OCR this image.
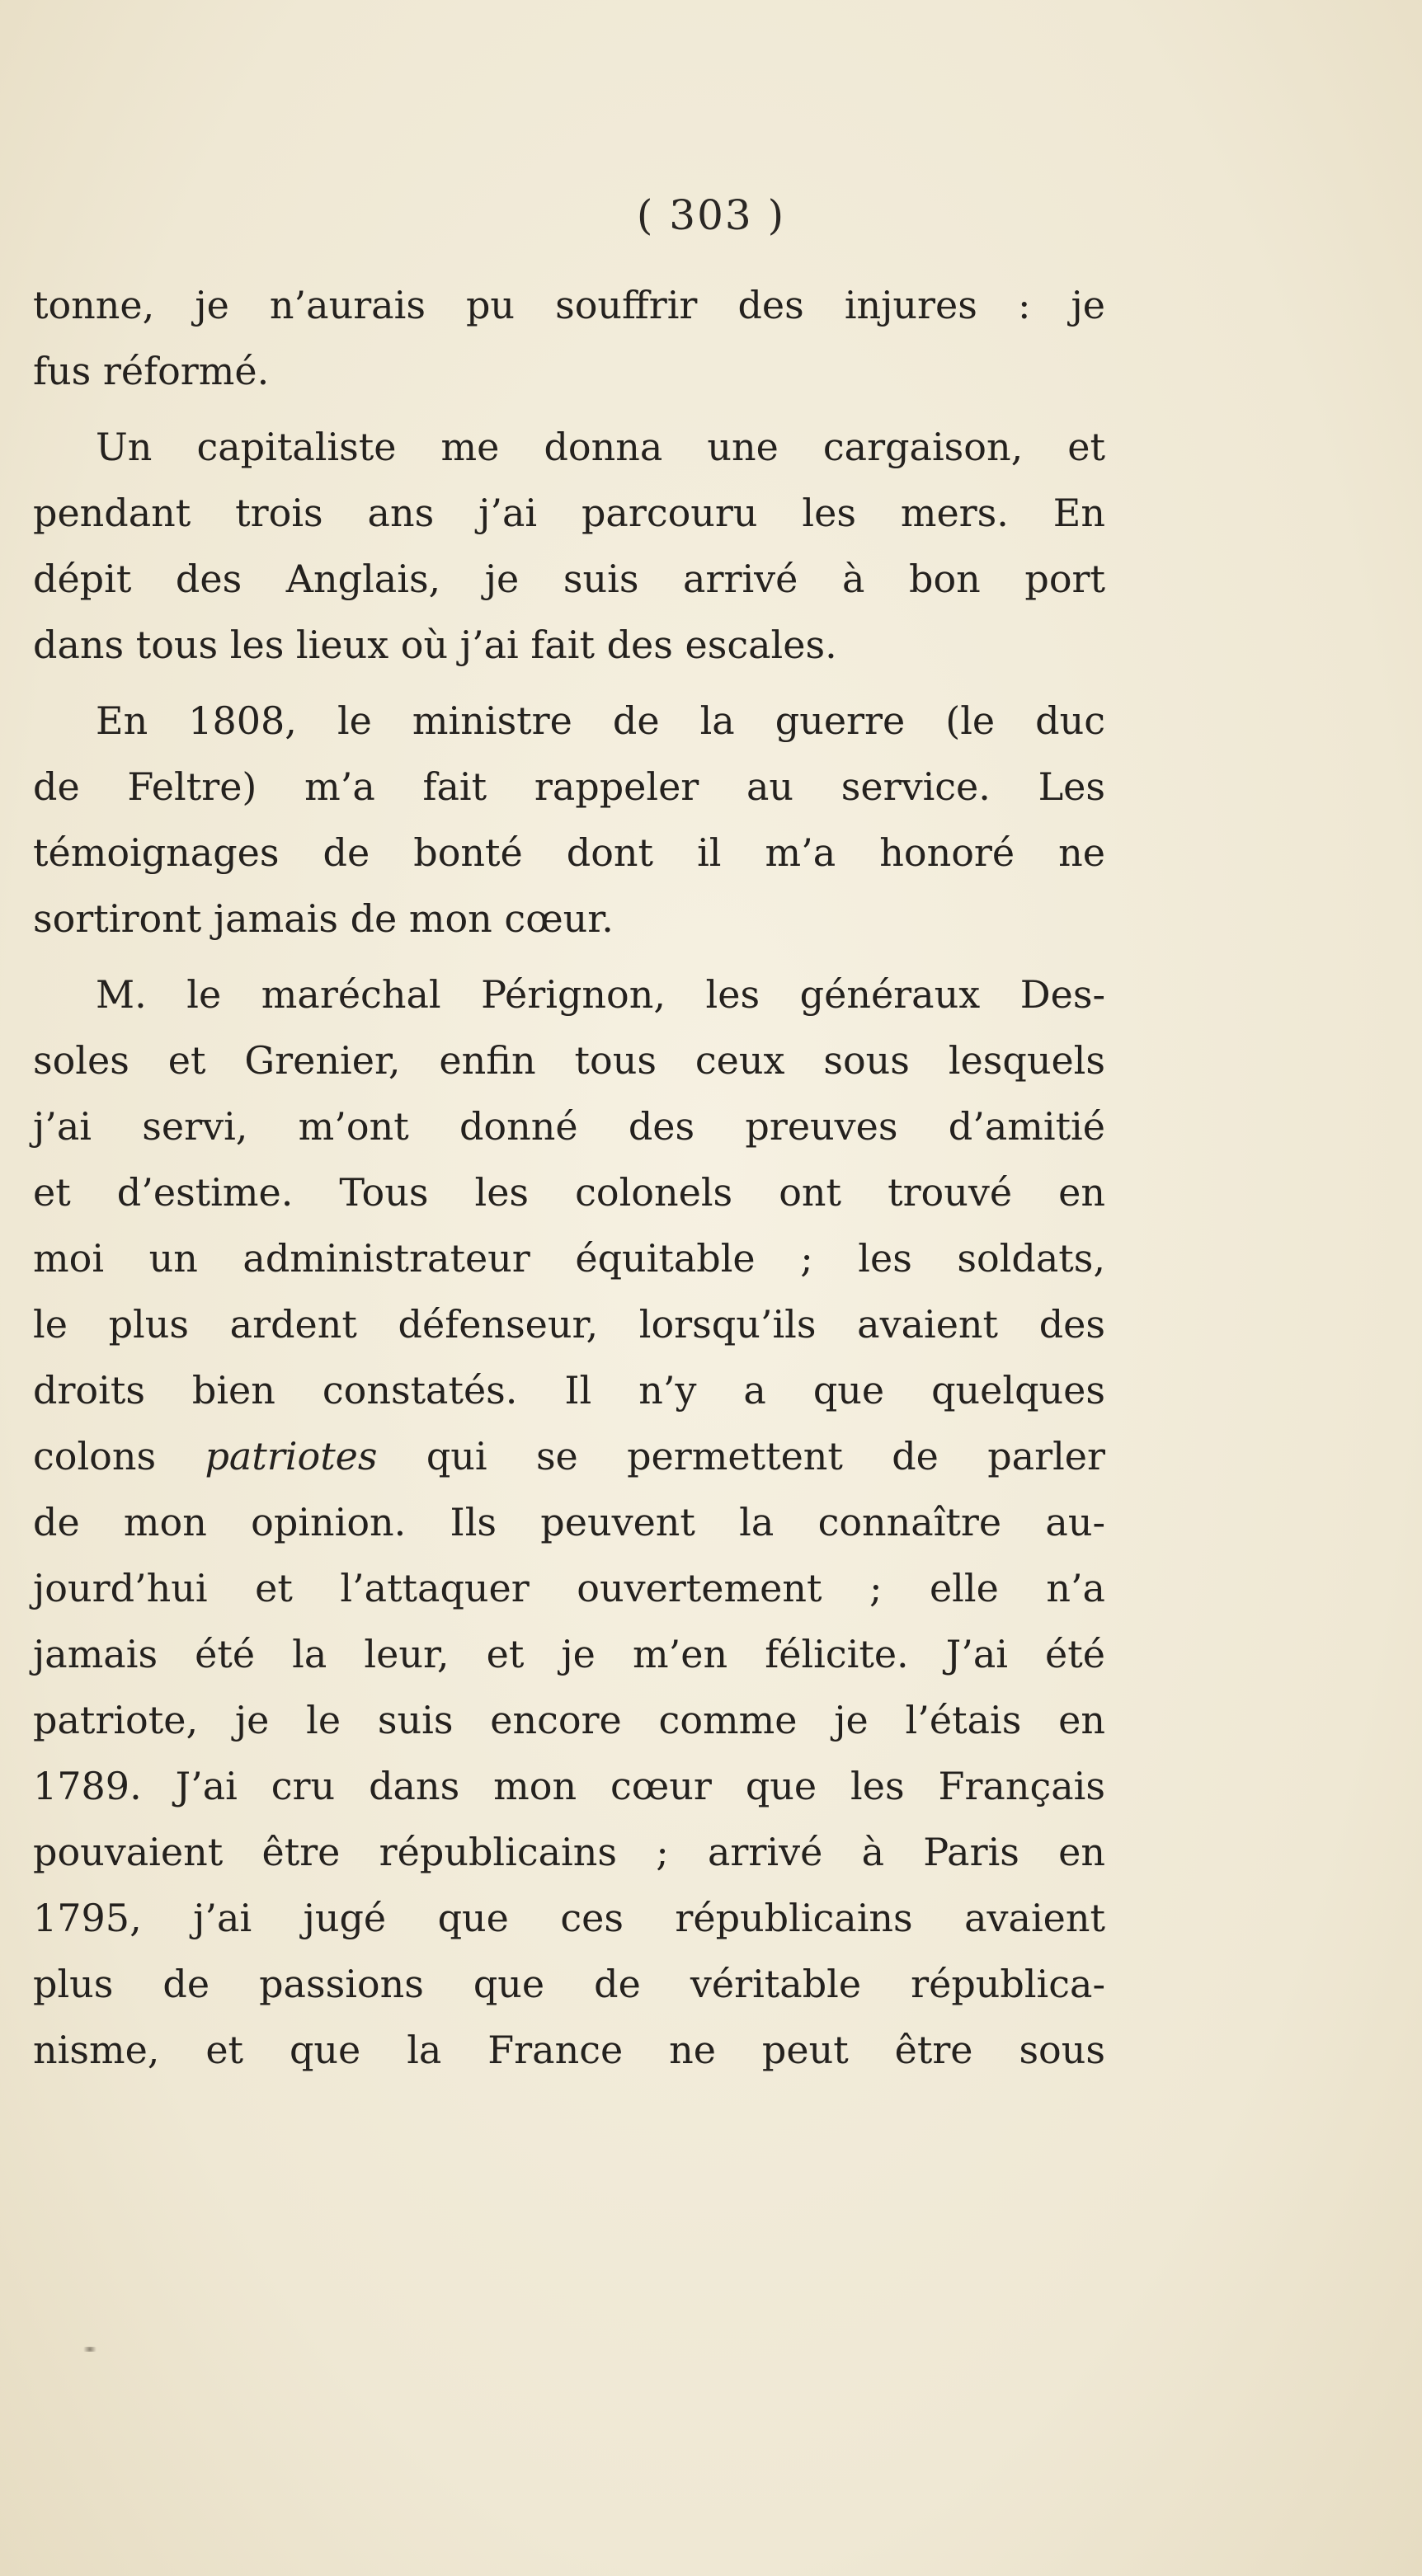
( 303 )
tonne, je n’aurais pu souffrir des injures : je
fus réformé.
Un capitaliste me donna une cargaison, et
pendant trois ans j’ai parcouru les mers. En
dépit des Anglais, je suis arrivé à bon port
dans tous les lieux où j’ai fait des escales.
En 1808, le ministre de la guerre (le duc
de Feltre) m’a fait rappeler au service. Les
témoignages de bonté dont il m’a honoré ne
sortiront jamais de mon cœur.
M. le maréchal Pérignon, les généraux Des-
soles et Grenier, enfin tous ceux sous lesquels
j’ai servi, m’ont donné des preuves d’amitié
et d’estime. Tous les colonels ont trouvé en
moi un administrateur équitable ; les soldats,
le plus ardent défenseur, lorsqu’ils avaient des
droits bien constatés. Il n’y a que quelques
colons patriotes qui se permettent de parler
de mon opinion. Ils peuvent la connaître au-
jourd’hui et l’attaquer ouvertement ; elle n’a
jamais été la leur, et je m’en félicite. J’ai été
patriote, je le suis encore comme je l’étais en
1789. J’ai cru dans mon cœur que les Français
pouvaient être républicains ; arrivé à Paris en
1795, j’ai jugé que ces républicains avaient
plus de passions que de véritable républica-
nisme, et que la France ne peut être sous
